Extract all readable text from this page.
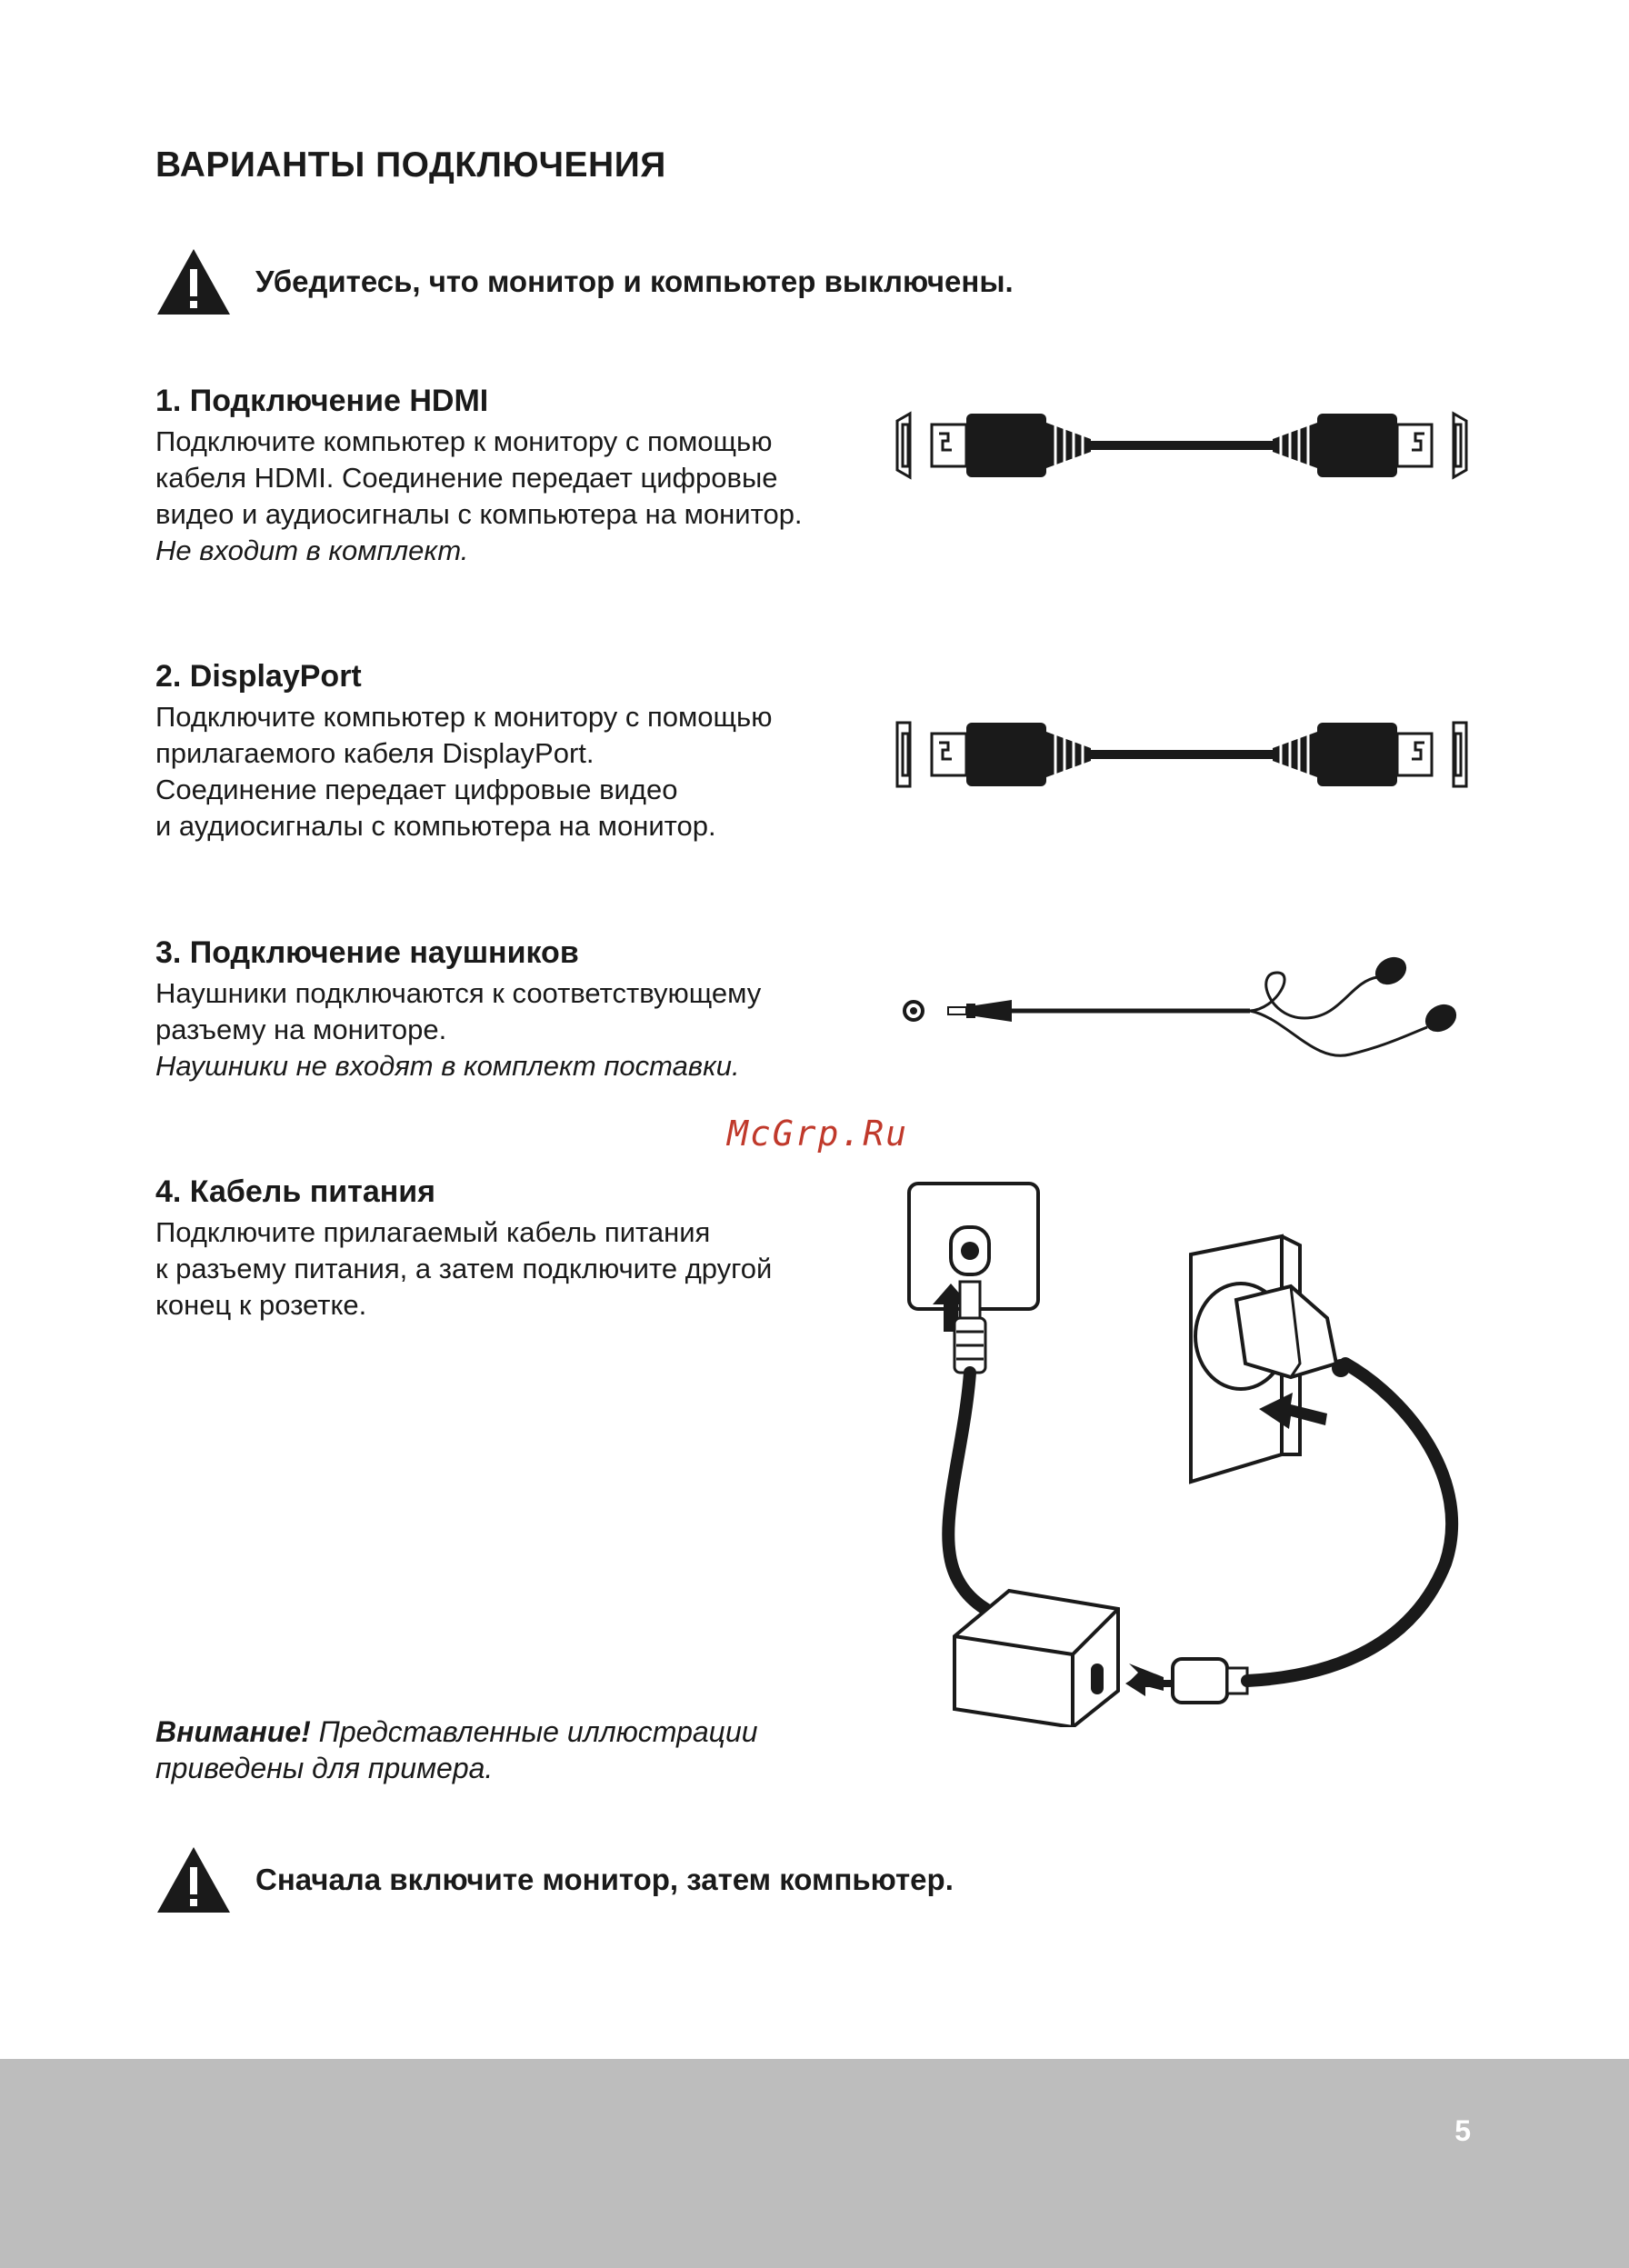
ВАРИАНТЫ ПОДКЛЮЧЕНИЯ
Убедитесь, что монитор и компьютер выключены.
1. Подключение HDMI

Подключите компьютер к монитору с помощью

кабеля HDMI. Соединение передает цифровые

видео и аудиосигналы с компьютера на монитор.

Не входит в комплект.

2. DisplayPort

Подключите компьютер к монитору с помощью

прилагаемого кабеля DisplayPort.

Соединение передает цифровые видео

и аудиосигналы с компьютера на монитор.

3. Подключение наушников

Наушники подключаются к соответствующему

разъему на мониторе.

Наушники не входят в комплект поставки.

McGrp.Ru
4. Кабель питания

Подключите прилагаемый кабель питания

к разъему питания, а затем подключите другой

конец к розетке.

Внимание! Представленные иллюстрации приведены для примера.
Сначала включите монитор, затем компьютер.
5
